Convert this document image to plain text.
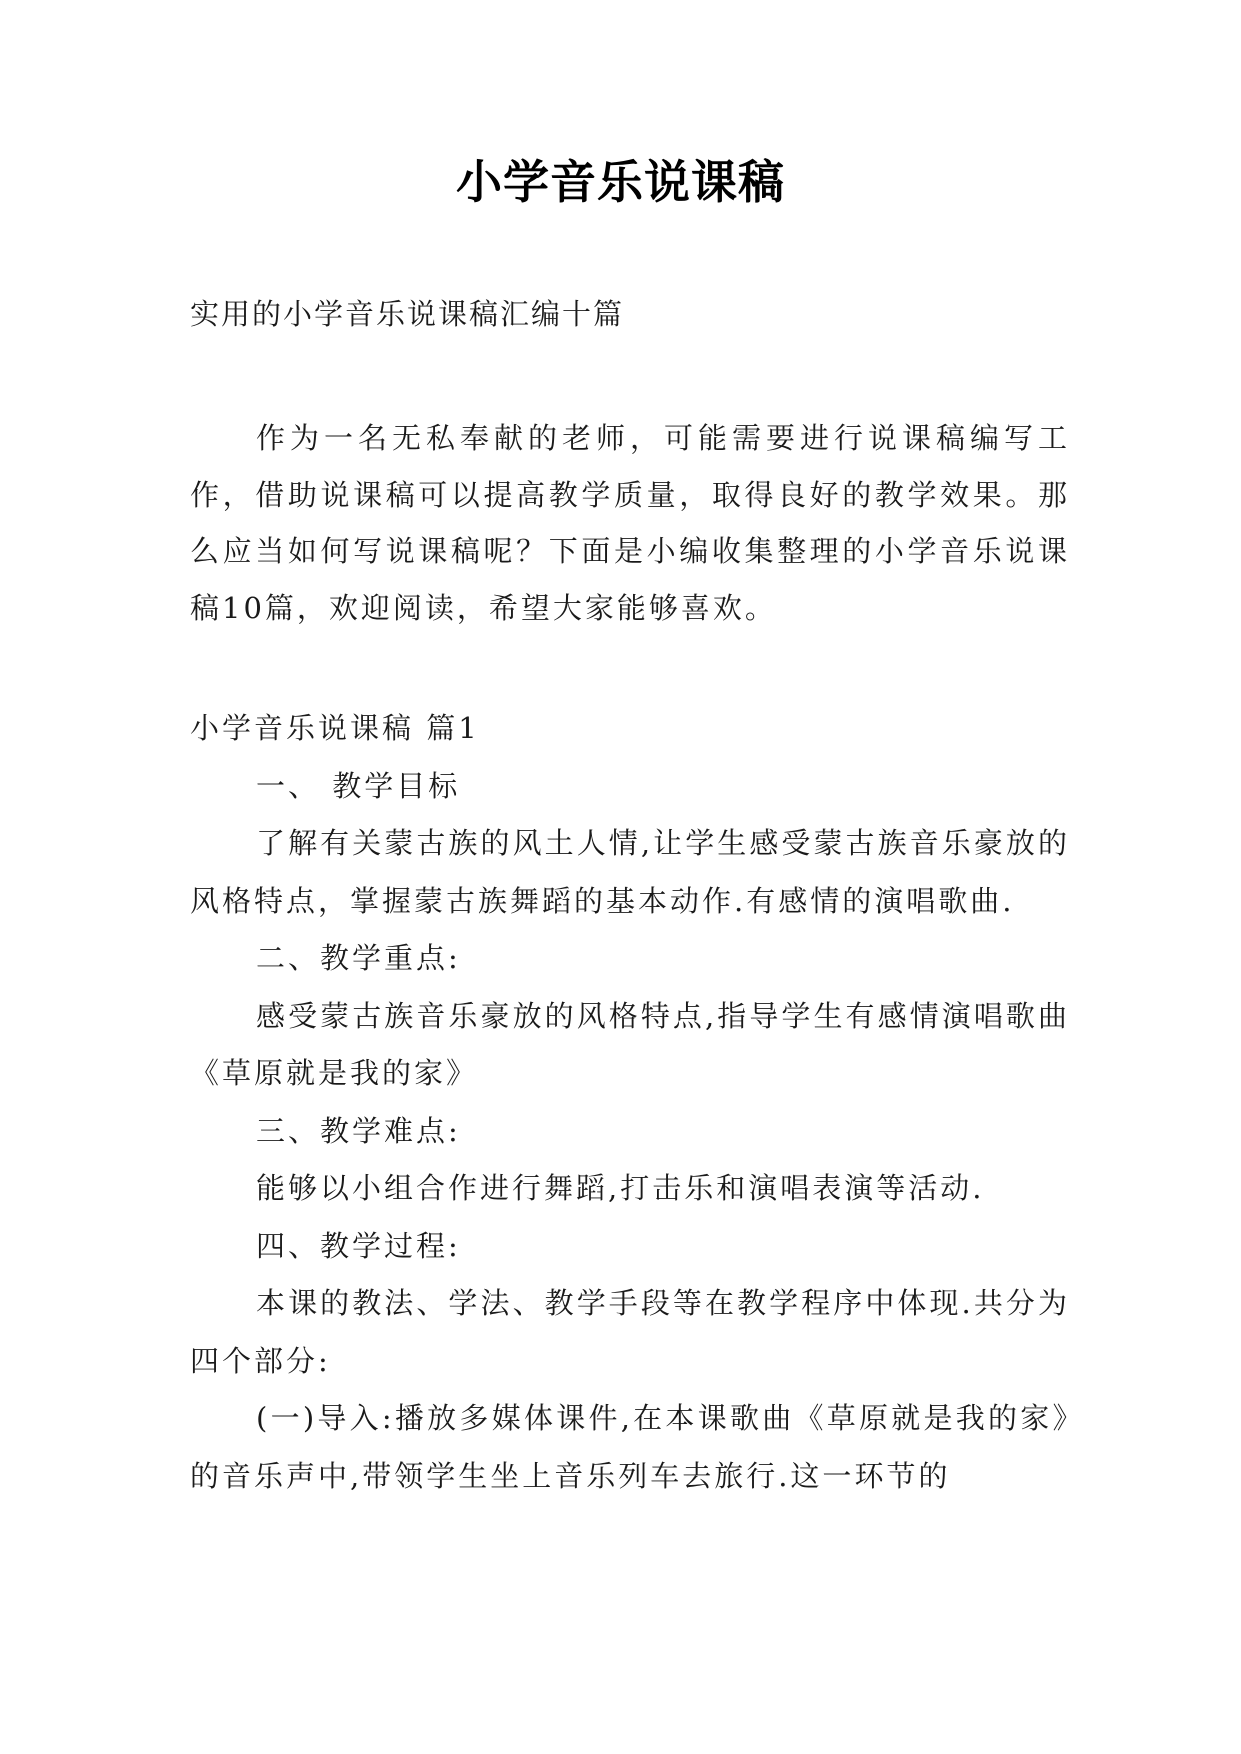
小学音乐说课稿
实用的小学音乐说课稿汇编十篇

作为一名无私奉献的老师，可能需要进行说课稿编写工作，借助说课稿可以提高教学质量，取得良好的教学效果。那么应当如何写说课稿呢？下面是小编收集整理的小学音乐说课稿10篇，欢迎阅读，希望大家能够喜欢。

小学音乐说课稿 篇1

一、 教学目标

了解有关蒙古族的风土人情,让学生感受蒙古族音乐豪放的风格特点，掌握蒙古族舞蹈的基本动作.有感情的演唱歌曲.

二、教学重点:

感受蒙古族音乐豪放的风格特点,指导学生有感情演唱歌曲《草原就是我的家》

三、教学难点:

能够以小组合作进行舞蹈,打击乐和演唱表演等活动.

四、教学过程:

本课的教法、学法、教学手段等在教学程序中体现.共分为四个部分:

(一)导入:播放多媒体课件,在本课歌曲《草原就是我的家》的音乐声中,带领学生坐上音乐列车去旅行.这一环节的
